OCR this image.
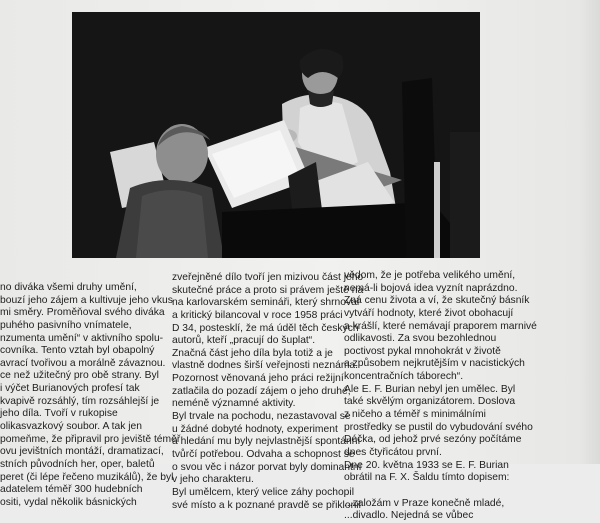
no diváka všemi druhy umění,
bouzí jeho zájem a kultivuje jeho vkus
mi směry. Proměňoval svého diváka
puhého pasivního vnímatele,
nzumenta umění“ v aktivního spolu-
covníka. Tento vztah byl obapolný
avrací tvořivou a morálně závaznou.
ce než užitečný pro obě strany. Byl
i výčet Burianových profesí tak
kvapivě rozsáhlý, tím rozsáhlejší je
jeho díla. Tvoří v rukopise
olikasvazkový soubor. A tak jen
pomeňme, že připravil pro jeviště téměř
ovu jevištních montáží, dramatizací,
stních původních her, oper, baletů
peret (či lépe řečeno muzikálů), že byl
adatelem téměř 300 hudebních
ositi, vydal několik básnických
zveřejněné dílo tvoří jen mizivou část jeho
skutečné práce a proto si právem ještě na
na karlovarském semináři, který shrnoval
a kritický bilancoval v roce 1958 práci
D 34, postesklí, že má úděl těch českých
autorů, kteří „pracují do šuplat“.
Značná část jeho díla byla totiž a je
vlastně dodnes širší veřejnosti neznáma.
Pozornost věnovaná jeho práci režijní
zatlačila do pozadí zájem o jeho druhé,
neméně významné aktivity.
Byl trvale na pochodu, nezastavoval se
u žádné dobyté hodnoty, experiment
a hledání mu byly nejvlastnější spontánní
tvůrčí potřebou. Odvaha a schopnost se
o svou věc i názor porvat byly dominantní
v jeho charakteru.
Byl umělcem, který velice záhy pochopil
své místo a k poznané pravdě se přiklonil
vědom, že je potřeba velikého umění,
nemá-li bojová idea vyznít naprázdno.
Zná cenu života a ví, že skutečný básník
vytváří hodnoty, které život obohacují
a krášlí, které nemávají praporem marnivé
odlikavosti. Za svou bezohlednou
poctivost pykal mnohokrát v životě
a způsobem nejkrutějším v nacistických
koncentračních táborech“.
Ale E. F. Burian nebyl jen umělec. Byl
také skvělým organizátorem. Doslova
z ničeho a téměř s minimálními
prostředky se pustil do vybudování svého
Déčka, od jehož prvé sezóny počítáme
dnes čtyřicátou první.
Dne 20. května 1933 se E. F. Burian
obrátil na F. X. Šaldu tímto dopisem:
...založám v Praze konečně mladé,
...divadlo. Nejedná se vůbec
